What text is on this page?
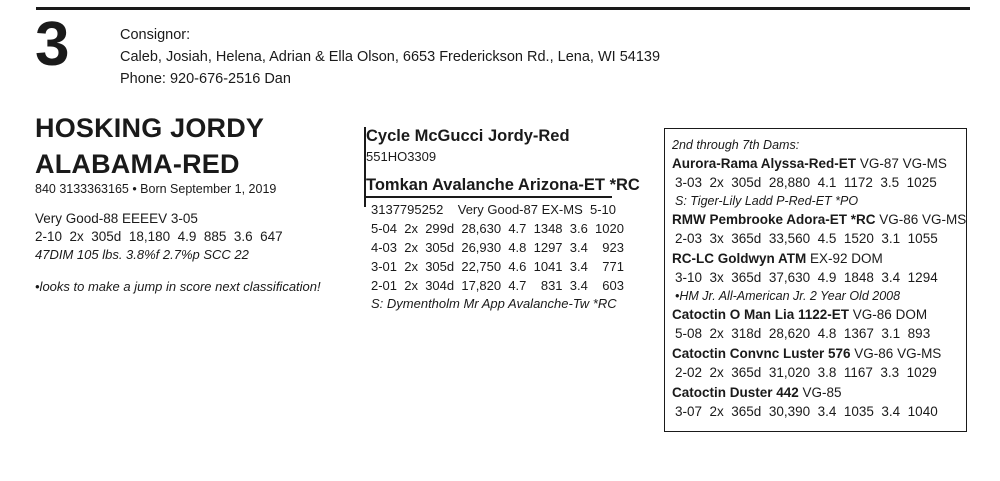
3	Consignor:
Caleb, Josiah, Helena, Adrian & Ella Olson, 6653 Frederickson Rd., Lena, WI 54139
Phone: 920-676-2516 Dan
HOSKING JORDY
ALABAMA-RED
840 3133363165 • Born September 1, 2019
Very Good-88 EEEEV 3-05
2-10  2x  305d  18,180  4.9  885  3.6  647
47DIM 105 lbs. 3.8%f 2.7%p SCC 22
•looks to make a jump in score next classification!
Cycle McGucci Jordy-Red
551HO3309
Tomkan Avalanche Arizona-ET *RC
3137795252    Very Good-87 EX-MS  5-10
5-04  2x  299d  28,630  4.7  1348  3.6  1020
4-03  2x  305d  26,930  4.8  1297  3.4    923
3-01  2x  305d  22,750  4.6  1041  3.4    771
2-01  2x  304d  17,820  4.7    831  3.4    603
S: Dymentholm Mr App Avalanche-Tw *RC
2nd through 7th Dams:
Aurora-Rama Alyssa-Red-ET VG-87 VG-MS
3-03  2x  305d  28,880  4.1  1172  3.5  1025
S: Tiger-Lily Ladd P-Red-ET *PO
RMW Pembrooke Adora-ET *RC VG-86 VG-MS
2-03  3x  365d  33,560  4.5  1520  3.1  1055
RC-LC Goldwyn ATM EX-92 DOM
3-10  3x  365d  37,630  4.9  1848  3.4  1294
•HM Jr. All-American Jr. 2 Year Old 2008
Catoctin O Man Lia 1122-ET VG-86 DOM
5-08  2x  318d  28,620  4.8  1367  3.1  893
Catoctin Convnc Luster 576 VG-86 VG-MS
2-02  2x  365d  31,020  3.8  1167  3.3  1029
Catoctin Duster 442 VG-85
3-07  2x  365d  30,390  3.4  1035  3.4  1040
